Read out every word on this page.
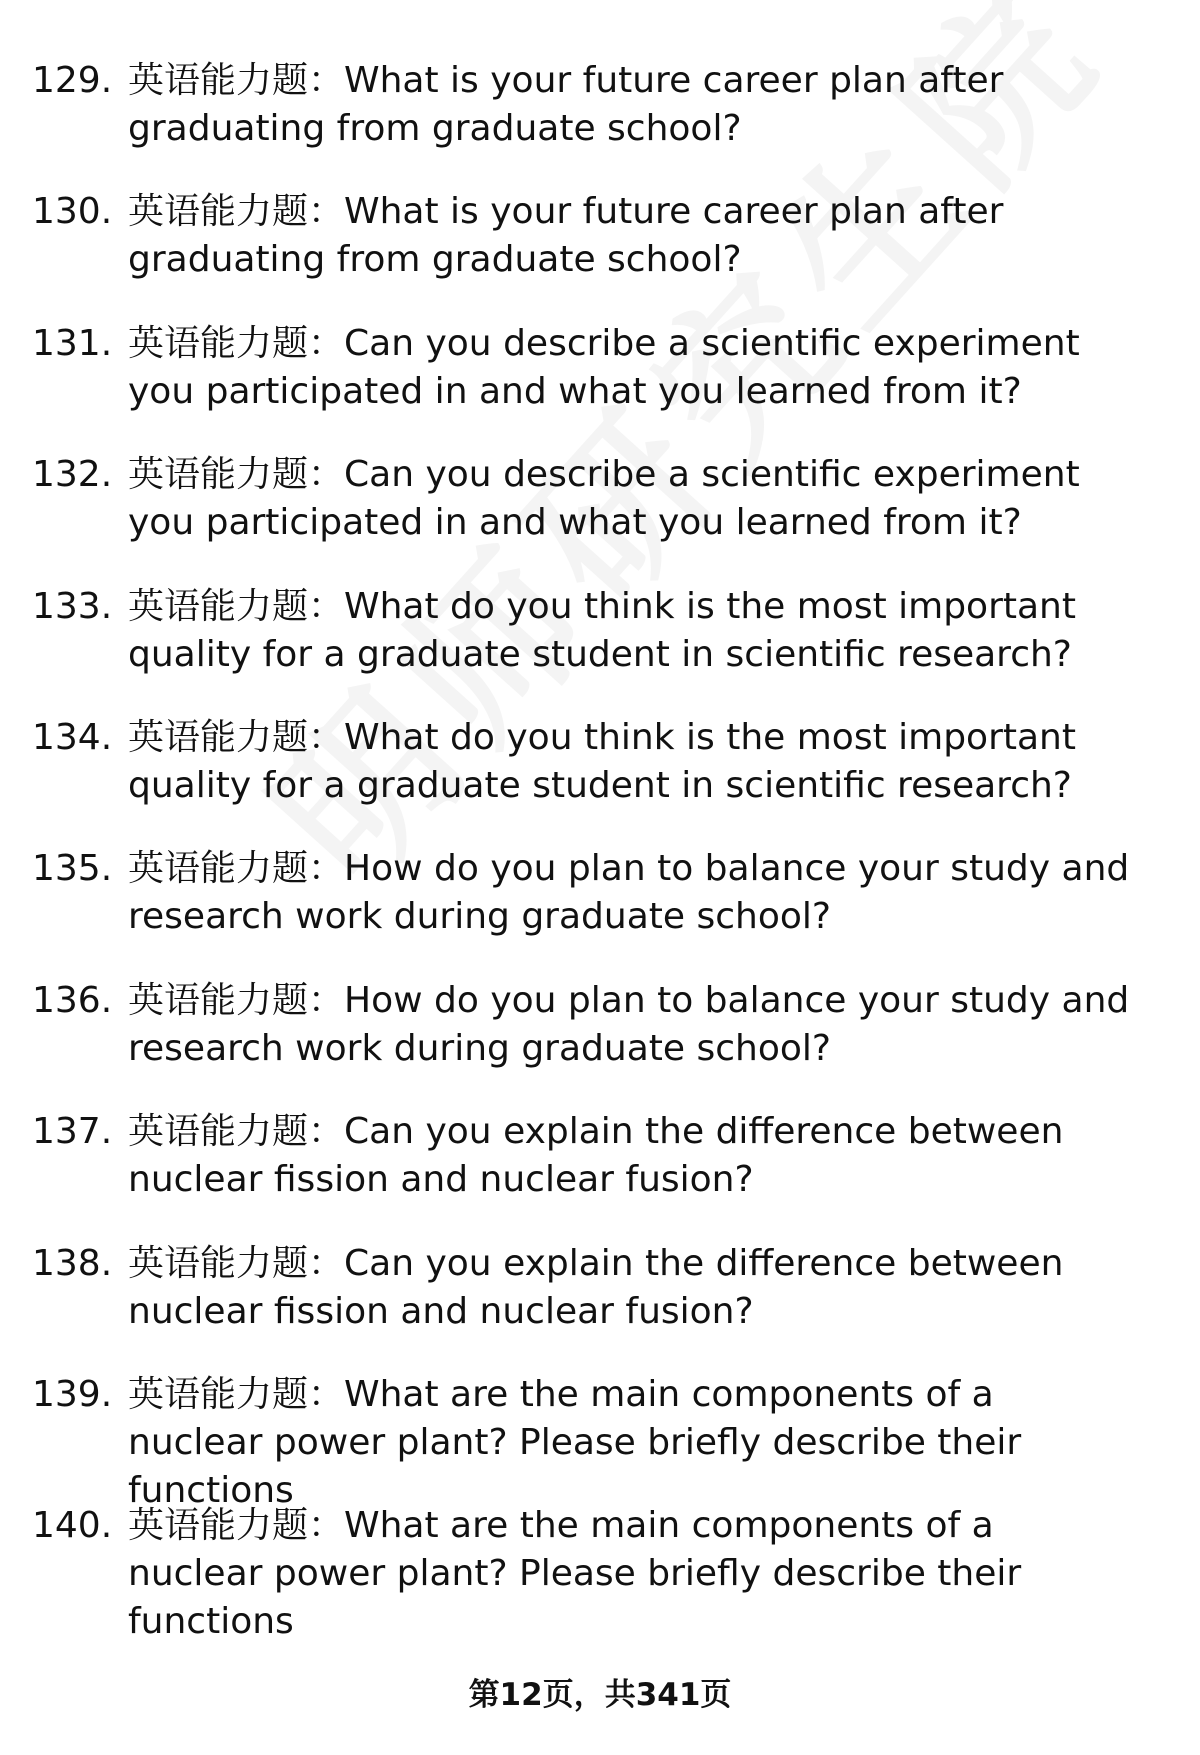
129. 英语能力题：What is your future career plan after graduating from graduate school?
130. 英语能力题：What is your future career plan after graduating from graduate school?
131. 英语能力题：Can you describe a scientific experiment you participated in and what you learned from it?
132. 英语能力题：Can you describe a scientific experiment you participated in and what you learned from it?
133. 英语能力题：What do you think is the most important quality for a graduate student in scientific research?
134. 英语能力题：What do you think is the most important quality for a graduate student in scientific research?
135. 英语能力题：How do you plan to balance your study and research work during graduate school?
136. 英语能力题：How do you plan to balance your study and research work during graduate school?
137. 英语能力题：Can you explain the difference between nuclear fission and nuclear fusion?
138. 英语能力题：Can you explain the difference between nuclear fission and nuclear fusion?
139. 英语能力题：What are the main components of a nuclear power plant? Please briefly describe their functions
140. 英语能力题：What are the main components of a nuclear power plant? Please briefly describe their functions
第12页，共341页
